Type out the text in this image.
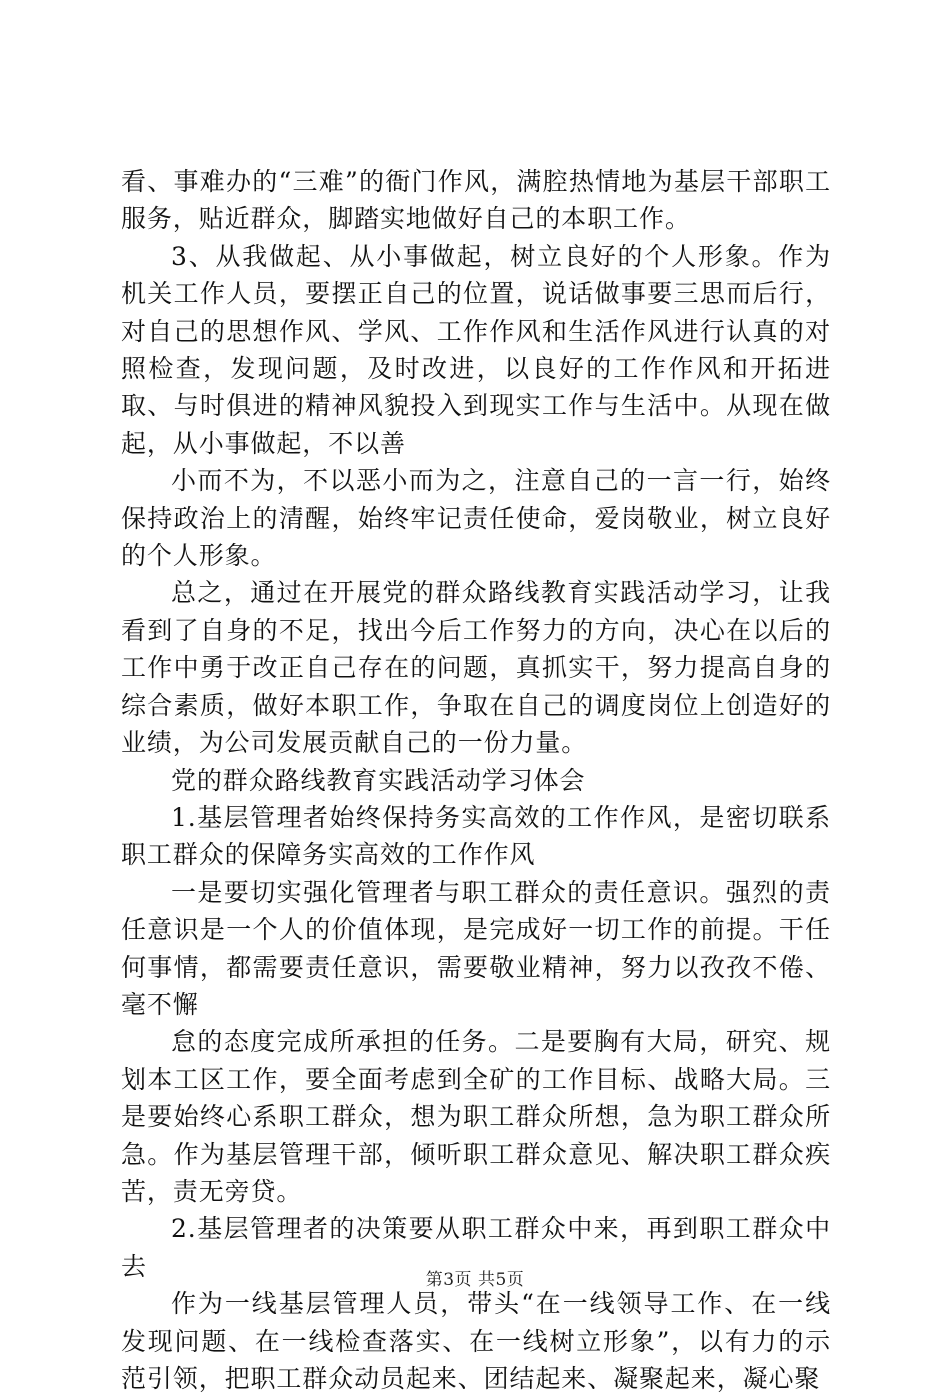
看、事难办的“三难”的衙门作风，满腔热情地为基层干部职工服务，贴近群众，脚踏实地做好自己的本职工作。

3、从我做起、从小事做起，树立良好的个人形象。作为机关工作人员，要摆正自己的位置，说话做事要三思而后行，对自己的思想作风、学风、工作作风和生活作风进行认真的对照检查，发现问题，及时改进，以良好的工作作风和开拓进取、与时俱进的精神风貌投入到现实工作与生活中。从现在做起，从小事做起，不以善

小而不为，不以恶小而为之，注意自己的一言一行，始终保持政治上的清醒，始终牢记责任使命，爱岗敬业，树立良好的个人形象。

总之，通过在开展党的群众路线教育实践活动学习，让我看到了自身的不足，找出今后工作努力的方向，决心在以后的工作中勇于改正自己存在的问题，真抓实干，努力提高自身的综合素质，做好本职工作，争取在自己的调度岗位上创造好的业绩，为公司发展贡献自己的一份力量。

党的群众路线教育实践活动学习体会

1.基层管理者始终保持务实高效的工作作风，是密切联系职工群众的保障务实高效的工作作风

一是要切实强化管理者与职工群众的责任意识。强烈的责任意识是一个人的价值体现，是完成好一切工作的前提。干任何事情，都需要责任意识，需要敬业精神，努力以孜孜不倦、毫不懈

怠的态度完成所承担的任务。二是要胸有大局，研究、规划本工区工作，要全面考虑到全矿的工作目标、战略大局。三是要始终心系职工群众，想为职工群众所想，急为职工群众所急。作为基层管理干部，倾听职工群众意见、解决职工群众疾苦，责无旁贷。

2.基层管理者的决策要从职工群众中来，再到职工群众中去

作为一线基层管理人员，带头“在一线领导工作、在一线发现问题、在一线检查落实、在一线树立形象”，以有力的示范引领，把职工群众动员起来、团结起来、凝聚起来，凝心聚

第3页 共5页
